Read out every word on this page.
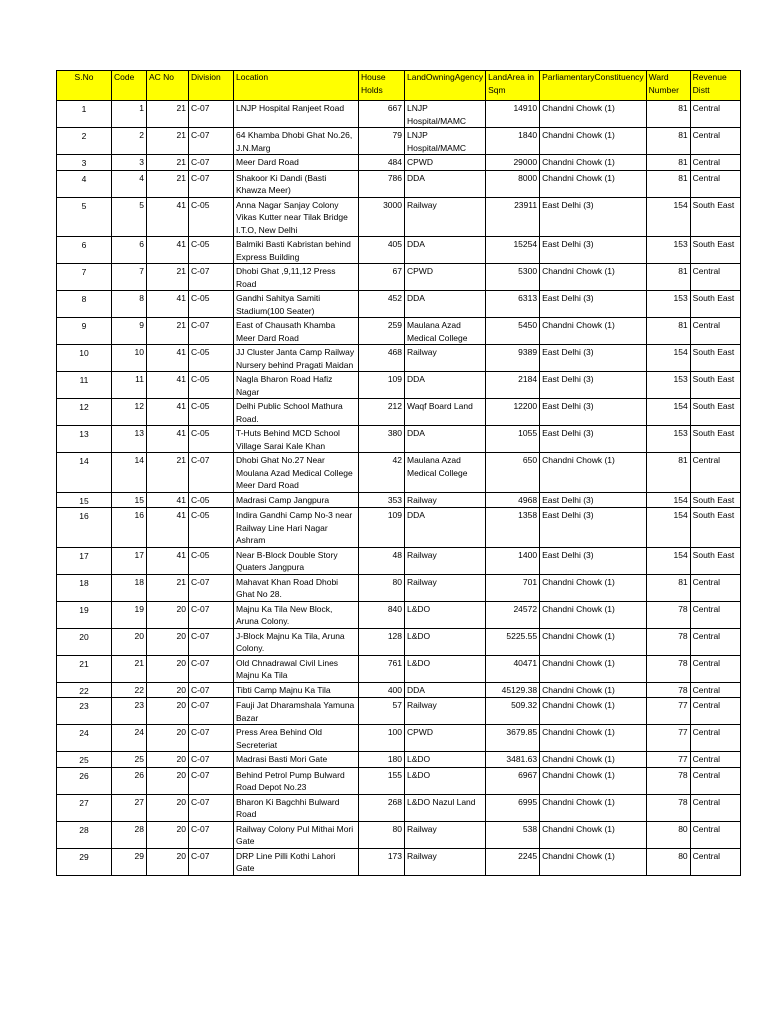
S.No	Code	AC No	Division	Location	House Holds	LandOwningAgency	LandArea in Sqm	ParliamentaryConstituency	Ward Number	Revenue Distt
1	1	21	C-07	LNJP Hospital Ranjeet Road	667	LNJP Hospital/MAMC	14910	Chandni Chowk (1)	81	Central
2	2	21	C-07	64 Khamba Dhobi Ghat No.26, J.N.Marg	79	LNJP Hospital/MAMC	1840	Chandni Chowk (1)	81	Central
3	3	21	C-07	Meer Dard Road	484	CPWD	29000	Chandni Chowk (1)	81	Central
4	4	21	C-07	Shakoor Ki Dandi (Basti Khawza Meer)	786	DDA	8000	Chandni Chowk (1)	81	Central
5	5	41	C-05	Anna Nagar Sanjay Colony Vikas Kutter near Tilak Bridge I.T.O, New Delhi	3000	Railway	23911	East Delhi (3)	154	South East
6	6	41	C-05	Balmiki Basti Kabristan behind Express Building	405	DDA	15254	East Delhi (3)	153	South East
7	7	21	C-07	Dhobi Ghat ,9,11,12 Press Road	67	CPWD	5300	Chandni Chowk (1)	81	Central
8	8	41	C-05	Gandhi Sahitya Samiti Stadium(100 Seater)	452	DDA	6313	East Delhi (3)	153	South East
9	9	21	C-07	East of Chausath Khamba Meer Dard Road	259	Maulana Azad Medical College	5450	Chandni Chowk (1)	81	Central
10	10	41	C-05	JJ Cluster Janta Camp Railway Nursery behind Pragati Maidan	468	Railway	9389	East Delhi (3)	154	South East
11	11	41	C-05	Nagla Bharon Road Hafiz Nagar	109	DDA	2184	East Delhi (3)	153	South East
12	12	41	C-05	Delhi Public School Mathura Road.	212	Waqf Board Land	12200	East Delhi (3)	154	South East
13	13	41	C-05	T-Huts Behind MCD School Village Sarai Kale Khan	380	DDA	1055	East Delhi (3)	153	South East
14	14	21	C-07	Dhobi Ghat No.27 Near Moulana Azad Medical College Meer Dard Road	42	Maulana Azad Medical College	650	Chandni Chowk (1)	81	Central
15	15	41	C-05	Madrasi Camp Jangpura	353	Railway	4968	East Delhi (3)	154	South East
16	16	41	C-05	Indira Gandhi Camp No-3 near Railway Line Hari Nagar Ashram	109	DDA	1358	East Delhi (3)	154	South East
17	17	41	C-05	Near B-Block Double Story Quaters Jangpura	48	Railway	1400	East Delhi (3)	154	South East
18	18	21	C-07	Mahavat Khan Road Dhobi Ghat No 28.	80	Railway	701	Chandni Chowk (1)	81	Central
19	19	20	C-07	Majnu Ka Tila New Block, Aruna Colony.	840	L&DO	24572	Chandni Chowk (1)	78	Central
20	20	20	C-07	J-Block Majnu Ka Tila, Aruna Colony.	128	L&DO	5225.55	Chandni Chowk (1)	78	Central
21	21	20	C-07	Old Chnadrawal Civil Lines Majnu Ka Tila	761	L&DO	40471	Chandni Chowk (1)	78	Central
22	22	20	C-07	Tibti Camp Majnu Ka Tila	400	DDA	45129.38	Chandni Chowk (1)	78	Central
23	23	20	C-07	Fauji Jat Dharamshala Yamuna Bazar	57	Railway	509.32	Chandni Chowk (1)	77	Central
24	24	20	C-07	Press Area Behind Old Secreteriat	100	CPWD	3679.85	Chandni Chowk (1)	77	Central
25	25	20	C-07	Madrasi Basti Mori Gate	180	L&DO	3481.63	Chandni Chowk (1)	77	Central
26	26	20	C-07	Behind Petrol Pump Bulward Road Depot No.23	155	L&DO	6967	Chandni Chowk (1)	78	Central
27	27	20	C-07	Bharon Ki Bagchhi Bulward Road	268	L&DO Nazul Land	6995	Chandni Chowk (1)	78	Central
28	28	20	C-07	Railway Colony Pul Mithai Mori Gate	80	Railway	538	Chandni Chowk (1)	80	Central
29	29	20	C-07	DRP Line Pilli Kothi Lahori Gate	173	Railway	2245	Chandni Chowk (1)	80	Central
